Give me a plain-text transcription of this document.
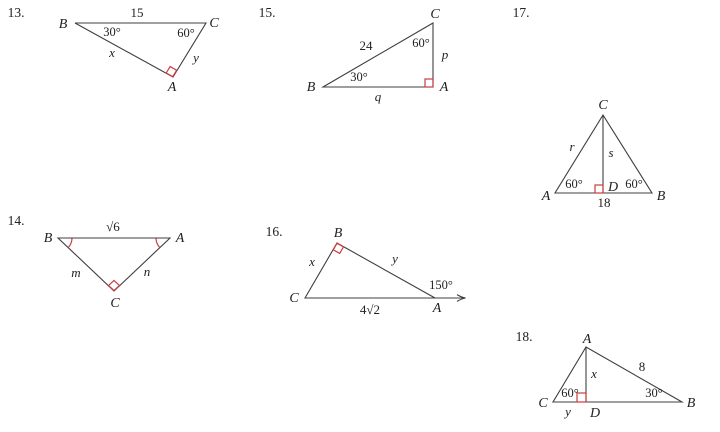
13.
B	C
A
15
30°	60°
x	y
14.
B	A
C
√6
m	n
15.	C
B	A
24	60°
p
30°
q
16.	B
C
A
x	y
150°
4√2
17.
C
A	B
D
r	s
60°	60°
18
18.	A
C	B
D
8
x
60°	30°
y
